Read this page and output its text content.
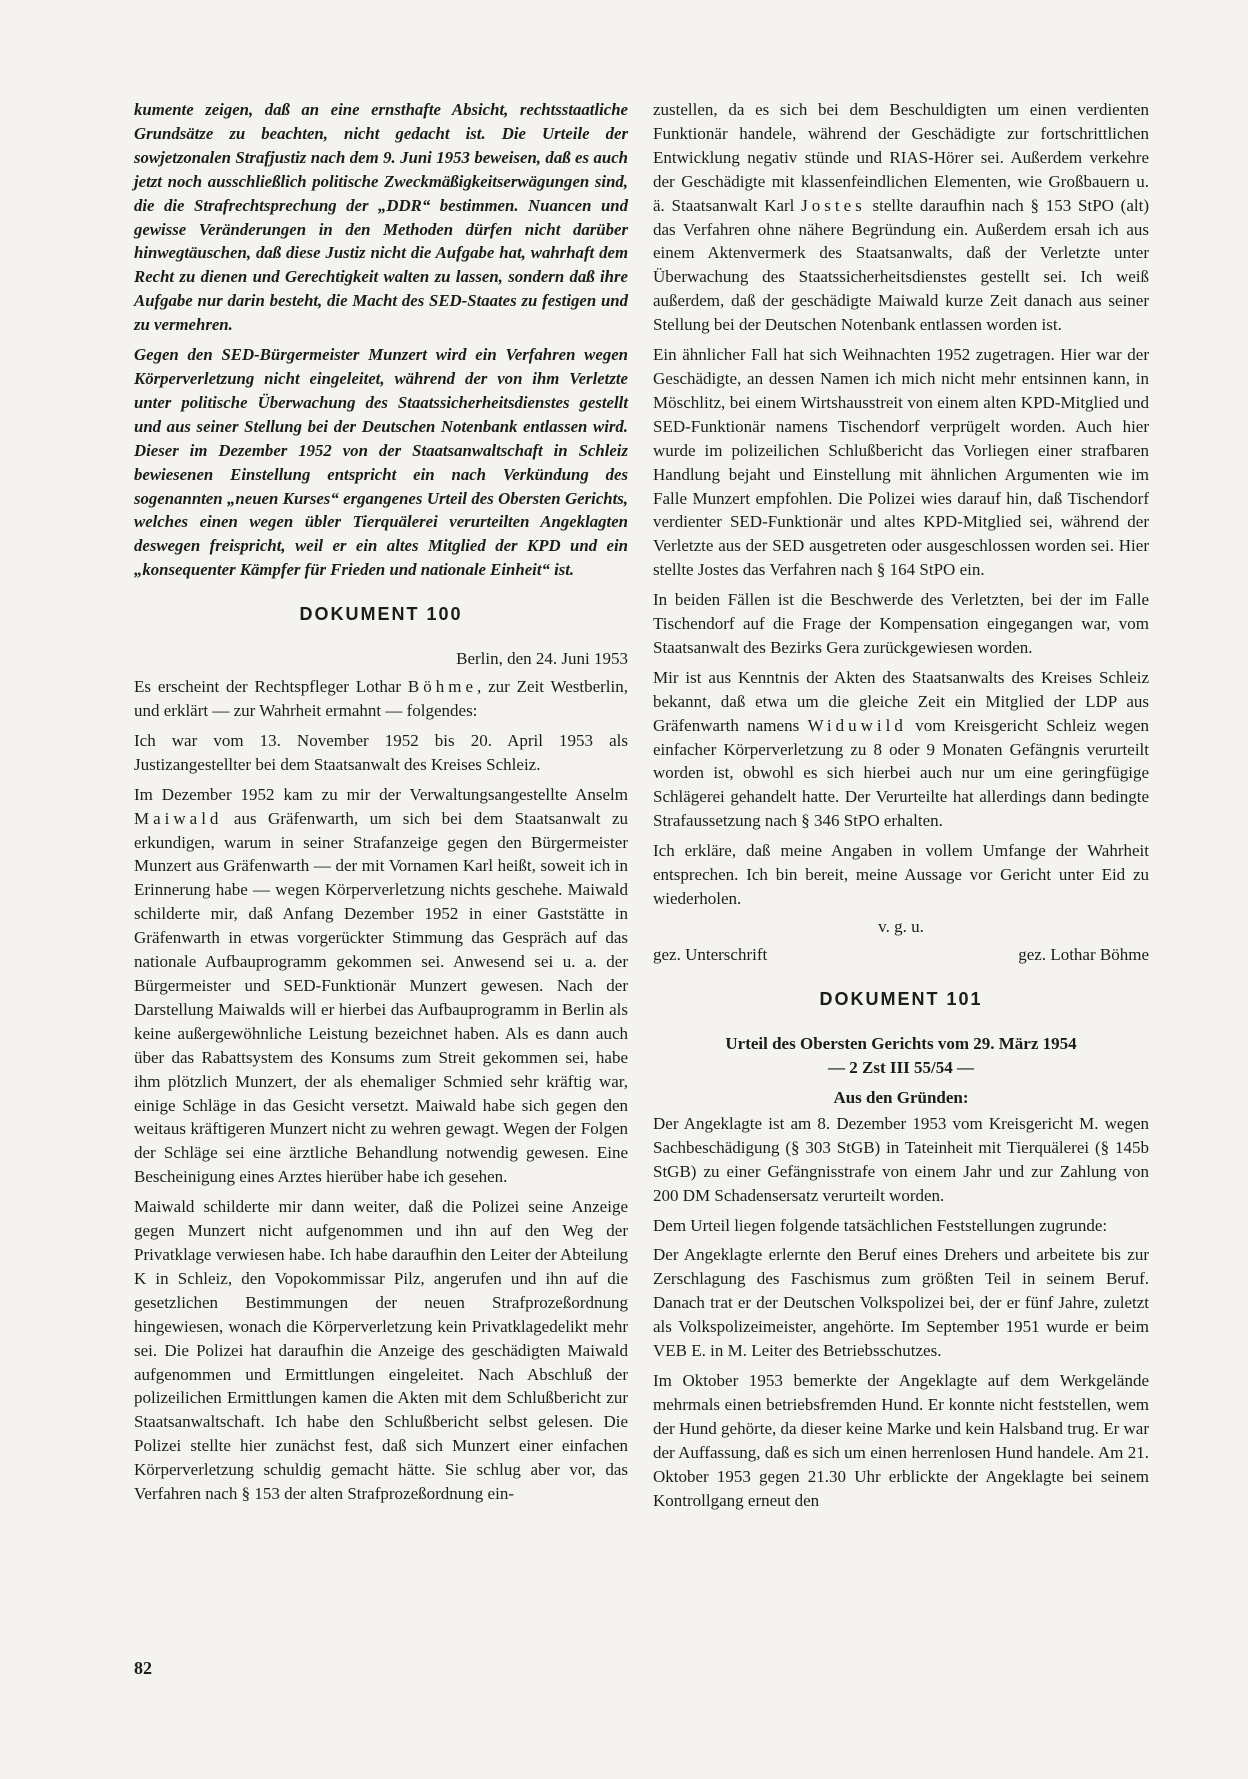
kumente zeigen, daß an eine ernsthafte Absicht, rechtsstaatliche Grundsätze zu beachten, nicht gedacht ist. Die Urteile der sowjetzonalen Strafjustiz nach dem 9. Juni 1953 beweisen, daß es auch jetzt noch ausschließlich politische Zweckmäßigkeitserwägungen sind, die die Strafrechtsprechung der „DDR“ bestimmen. Nuancen und gewisse Veränderungen in den Methoden dürfen nicht darüber hinwegtäuschen, daß diese Justiz nicht die Aufgabe hat, wahrhaft dem Recht zu dienen und Gerechtigkeit walten zu lassen, sondern daß ihre Aufgabe nur darin besteht, die Macht des SED-Staates zu festigen und zu vermehren.

Gegen den SED-Bürgermeister Munzert wird ein Verfahren wegen Körperverletzung nicht eingeleitet, während der von ihm Verletzte unter politische Überwachung des Staatssicherheitsdienstes gestellt und aus seiner Stellung bei der Deutschen Notenbank entlassen wird. Dieser im Dezember 1952 von der Staatsanwaltschaft in Schleiz bewiesenen Einstellung entspricht ein nach Verkündung des sogenannten „neuen Kurses“ ergangenes Urteil des Obersten Gerichts, welches einen wegen übler Tierquälerei verurteilten Angeklagten deswegen freispricht, weil er ein altes Mitglied der KPD und ein „konsequenter Kämpfer für Frieden und nationale Einheit“ ist.

DOKUMENT 100
Berlin, den 24. Juni 1953

Es erscheint der Rechtspfleger Lothar Böhme, zur Zeit Westberlin, und erklärt — zur Wahrheit ermahnt — folgendes:

Ich war vom 13. November 1952 bis 20. April 1953 als Justizangestellter bei dem Staatsanwalt des Kreises Schleiz.

Im Dezember 1952 kam zu mir der Verwaltungsangestellte Anselm Maiwald aus Gräfenwarth, um sich bei dem Staatsanwalt zu erkundigen, warum in seiner Strafanzeige gegen den Bürgermeister Munzert aus Gräfenwarth — der mit Vornamen Karl heißt, soweit ich in Erinnerung habe — wegen Körperverletzung nichts geschehe. Maiwald schilderte mir, daß Anfang Dezember 1952 in einer Gaststätte in Gräfenwarth in etwas vorgerückter Stimmung das Gespräch auf das nationale Aufbauprogramm gekommen sei. Anwesend sei u. a. der Bürgermeister und SED-Funktionär Munzert gewesen. Nach der Darstellung Maiwalds will er hierbei das Aufbauprogramm in Berlin als keine außergewöhnliche Leistung bezeichnet haben. Als es dann auch über das Rabattsystem des Konsums zum Streit gekommen sei, habe ihm plötzlich Munzert, der als ehemaliger Schmied sehr kräftig war, einige Schläge in das Gesicht versetzt. Maiwald habe sich gegen den weitaus kräftigeren Munzert nicht zu wehren gewagt. Wegen der Folgen der Schläge sei eine ärztliche Behandlung notwendig gewesen. Eine Bescheinigung eines Arztes hierüber habe ich gesehen.

Maiwald schilderte mir dann weiter, daß die Polizei seine Anzeige gegen Munzert nicht aufgenommen und ihn auf den Weg der Privatklage verwiesen habe. Ich habe daraufhin den Leiter der Abteilung K in Schleiz, den Vopokommissar Pilz, angerufen und ihn auf die gesetzlichen Bestimmungen der neuen Strafprozeßordnung hingewiesen, wonach die Körperverletzung kein Privatklagedelikt mehr sei. Die Polizei hat daraufhin die Anzeige des geschädigten Maiwald aufgenommen und Ermittlungen eingeleitet. Nach Abschluß der polizeilichen Ermittlungen kamen die Akten mit dem Schlußbericht zur Staatsanwaltschaft. Ich habe den Schlußbericht selbst gelesen. Die Polizei stellte hier zunächst fest, daß sich Munzert einer einfachen Körperverletzung schuldig gemacht hätte. Sie schlug aber vor, das Verfahren nach § 153 der alten Strafprozeßordnung ein-

zustellen, da es sich bei dem Beschuldigten um einen verdienten Funktionär handele, während der Geschädigte zur fortschrittlichen Entwicklung negativ stünde und RIAS-Hörer sei. Außerdem verkehre der Geschädigte mit klassenfeindlichen Elementen, wie Großbauern u. ä. Staatsanwalt Karl Jostes stellte daraufhin nach § 153 StPO (alt) das Verfahren ohne nähere Begründung ein. Außerdem ersah ich aus einem Aktenvermerk des Staatsanwalts, daß der Verletzte unter Überwachung des Staatssicherheitsdienstes gestellt sei. Ich weiß außerdem, daß der geschädigte Maiwald kurze Zeit danach aus seiner Stellung bei der Deutschen Notenbank entlassen worden ist.

Ein ähnlicher Fall hat sich Weihnachten 1952 zugetragen. Hier war der Geschädigte, an dessen Namen ich mich nicht mehr entsinnen kann, in Möschlitz, bei einem Wirtshausstreit von einem alten KPD-Mitglied und SED-Funktionär namens Tischendorf verprügelt worden. Auch hier wurde im polizeilichen Schlußbericht das Vorliegen einer strafbaren Handlung bejaht und Einstellung mit ähnlichen Argumenten wie im Falle Munzert empfohlen. Die Polizei wies darauf hin, daß Tischendorf verdienter SED-Funktionär und altes KPD-Mitglied sei, während der Verletzte aus der SED ausgetreten oder ausgeschlossen worden sei. Hier stellte Jostes das Verfahren nach § 164 StPO ein.

In beiden Fällen ist die Beschwerde des Verletzten, bei der im Falle Tischendorf auf die Frage der Kompensation eingegangen war, vom Staatsanwalt des Bezirks Gera zurückgewiesen worden.

Mir ist aus Kenntnis der Akten des Staatsanwalts des Kreises Schleiz bekannt, daß etwa um die gleiche Zeit ein Mitglied der LDP aus Gräfenwarth namens Widuwild vom Kreisgericht Schleiz wegen einfacher Körperverletzung zu 8 oder 9 Monaten Gefängnis verurteilt worden ist, obwohl es sich hierbei auch nur um eine geringfügige Schlägerei gehandelt hatte. Der Verurteilte hat allerdings dann bedingte Strafaussetzung nach § 346 StPO erhalten.

Ich erkläre, daß meine Angaben in vollem Umfange der Wahrheit entsprechen. Ich bin bereit, meine Aussage vor Gericht unter Eid zu wiederholen.

v. g. u.
gez. Unterschrift	gez. Lothar Böhme
DOKUMENT 101
Urteil des Obersten Gerichts vom 29. März 1954
— 2 Zst III 55/54 —
Aus den Gründen:

Der Angeklagte ist am 8. Dezember 1953 vom Kreisgericht M. wegen Sachbeschädigung (§ 303 StGB) in Tateinheit mit Tierquälerei (§ 145b StGB) zu einer Gefängnisstrafe von einem Jahr und zur Zahlung von 200 DM Schadensersatz verurteilt worden.

Dem Urteil liegen folgende tatsächlichen Feststellungen zugrunde:

Der Angeklagte erlernte den Beruf eines Drehers und arbeitete bis zur Zerschlagung des Faschismus zum größten Teil in seinem Beruf. Danach trat er der Deutschen Volkspolizei bei, der er fünf Jahre, zuletzt als Volkspolizeimeister, angehörte. Im September 1951 wurde er beim VEB E. in M. Leiter des Betriebsschutzes.

Im Oktober 1953 bemerkte der Angeklagte auf dem Werkgelände mehrmals einen betriebsfremden Hund. Er konnte nicht feststellen, wem der Hund gehörte, da dieser keine Marke und kein Halsband trug. Er war der Auffassung, daß es sich um einen herrenlosen Hund handele. Am 21. Oktober 1953 gegen 21.30 Uhr erblickte der Angeklagte bei seinem Kontrollgang erneut den

82
